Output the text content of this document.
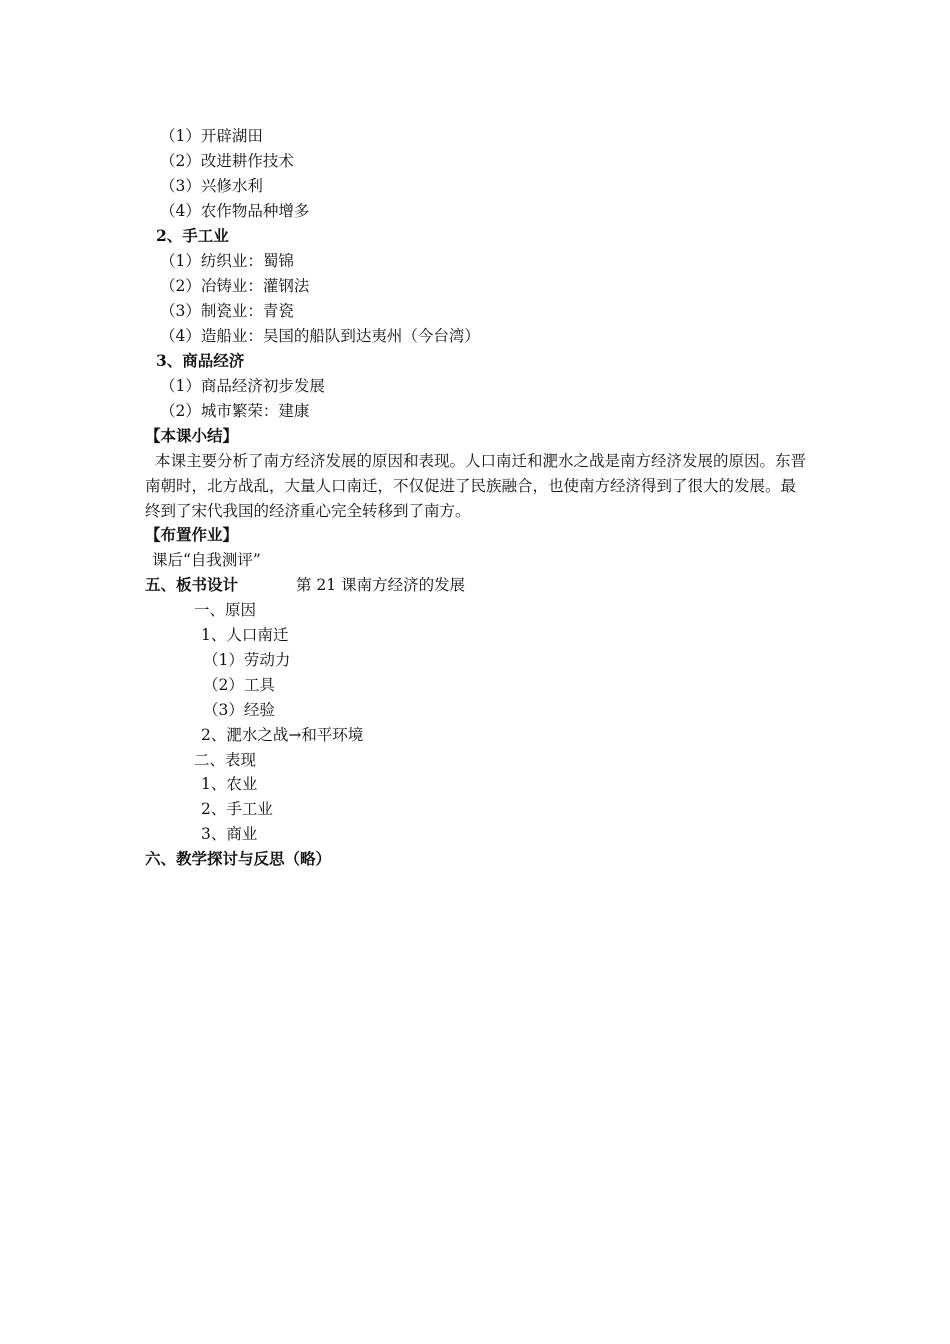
（1）开辟湖田
（2）改进耕作技术
（3）兴修水利
（4）农作物品种增多
2、手工业
（1）纺织业：蜀锦
（2）冶铸业：灌钢法
（3）制瓷业：青瓷
（4）造船业：吴国的船队到达夷州（今台湾）
3、商品经济
（1）商品经济初步发展
（2）城市繁荣：建康
【本课小结】
本课主要分析了南方经济发展的原因和表现。人口南迁和淝水之战是南方经济发展的原因。东晋南朝时，北方战乱，大量人口南迁，不仅促进了民族融合，也使南方经济得到了很大的发展。最终到了宋代我国的经济重心完全转移到了南方。
【布置作业】
课后“自我测评”
五、板书设计	第 21 课南方经济的发展
一、原因
1、人口南迁
（1）劳动力
（2）工具
（3）经验
2、淝水之战→和平环境
二、表现
1、农业
2、手工业
3、商业
六、教学探讨与反思（略）
